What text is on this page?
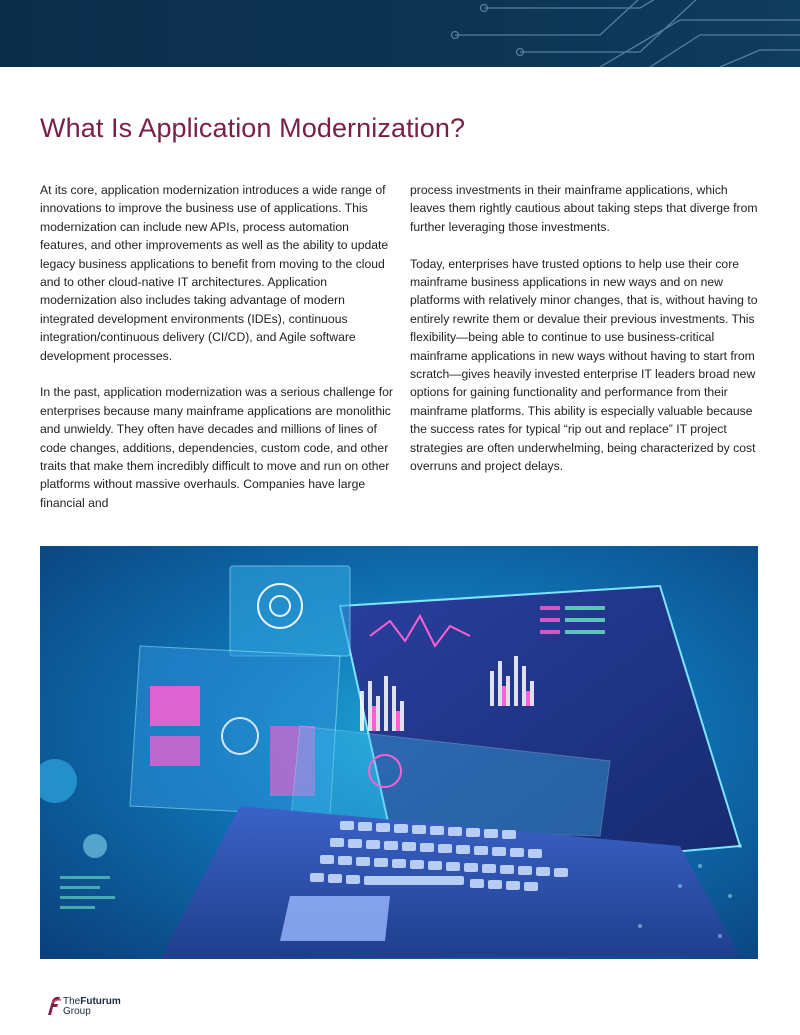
What Is Application Modernization?

At its core, application modernization introduces a wide range of innovations to improve the business use of applications. This modernization can include new APIs, process automation features, and other improvements as well as the ability to update legacy business applications to benefit from moving to the cloud and to other cloud-native IT architectures. Application modernization also includes taking advantage of modern integrated development environments (IDEs), continuous integration/continuous delivery (CI/CD), and Agile software development processes.

In the past, application modernization was a serious challenge for enterprises because many mainframe applications are monolithic and unwieldy. They often have decades and millions of lines of code changes, additions, dependencies, custom code, and other traits that make them incredibly difficult to move and run on other platforms without massive overhauls. Companies have large financial and

process investments in their mainframe applications, which leaves them rightly cautious about taking steps that diverge from further leveraging those investments.

Today, enterprises have trusted options to help use their core mainframe business applications in new ways and on new platforms with relatively minor changes, that is, without having to entirely rewrite them or devalue their previous investments. This flexibility—being able to continue to use business-critical mainframe applications in new ways without having to start from scratch—gives heavily invested enterprise IT leaders broad new options for gaining functionality and performance from their mainframe platforms. This ability is especially valuable because the success rates for typical “rip out and replace” IT project strategies are often underwhelming, being characterized by cost overruns and project delays.

TheFuturum
Group
